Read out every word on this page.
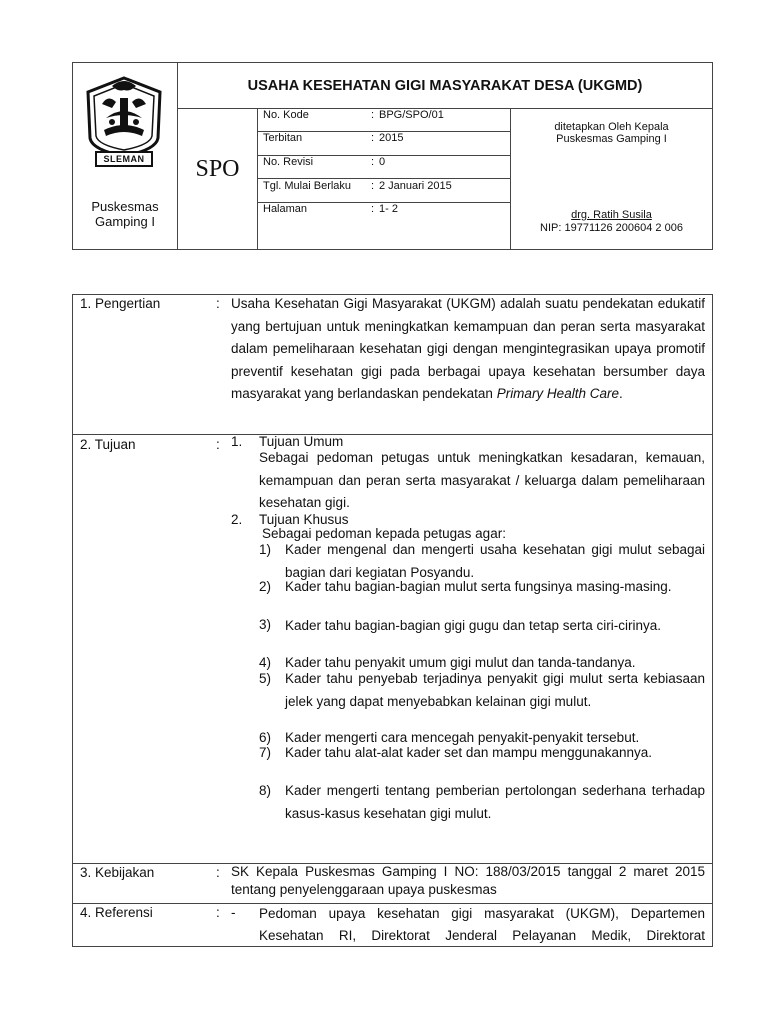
SLEMAN
Puskesmas
Gamping I
USAHA KESEHATAN GIGI MASYARAKAT DESA (UKGMD)
SPO
No. Kode	: BPG/SPO/01
Terbitan	: 2015
No. Revisi	: 0
Tgl. Mulai Berlaku : 2 Januari 2015
Halaman	: 1- 2
ditetapkan Oleh Kepala
Puskesmas Gamping I
drg. Ratih Susila
NIP: 19771126 200604 2 006
1. Pengertian	: Usaha Kesehatan Gigi Masyarakat (UKGM) adalah suatu pendekatan edukatif yang bertujuan untuk meningkatkan kemampuan dan peran serta masyarakat dalam pemeliharaan kesehatan gigi dengan mengintegrasikan upaya promotif preventif kesehatan gigi pada berbagai upaya kesehatan bersumber daya masyarakat yang berlandaskan pendekatan Primary Health Care.
2. Tujuan	: 1. Tujuan Umum
Sebagai pedoman petugas untuk meningkatkan kesadaran, kemauan, kemampuan dan peran serta masyarakat / keluarga dalam pemeliharaan kesehatan gigi.
2. Tujuan Khusus
Sebagai pedoman kepada petugas agar:
1) Kader mengenal dan mengerti usaha kesehatan gigi mulut sebagai bagian dari kegiatan Posyandu.
2) Kader tahu bagian-bagian mulut serta fungsinya masing-masing.
3) Kader tahu bagian-bagian gigi gugu dan tetap serta ciri-cirinya.
4) Kader tahu penyakit umum gigi mulut dan tanda-tandanya.
5) Kader tahu penyebab terjadinya penyakit gigi mulut serta kebiasaan jelek yang dapat menyebabkan kelainan gigi mulut.
6) Kader mengerti cara mencegah penyakit-penyakit tersebut.
7) Kader tahu alat-alat kader set dan mampu menggunakannya.
8) Kader mengerti tentang pemberian pertolongan sederhana terhadap kasus-kasus kesehatan gigi mulut.
3. Kebijakan	: SK Kepala Puskesmas Gamping I NO: 188/03/2015 tanggal 2 maret 2015 tentang penyelenggaraan upaya puskesmas
4. Referensi	: - Pedoman upaya kesehatan gigi masyarakat (UKGM), Departemen Kesehatan RI, Direktorat Jenderal Pelayanan Medik, Direktorat
